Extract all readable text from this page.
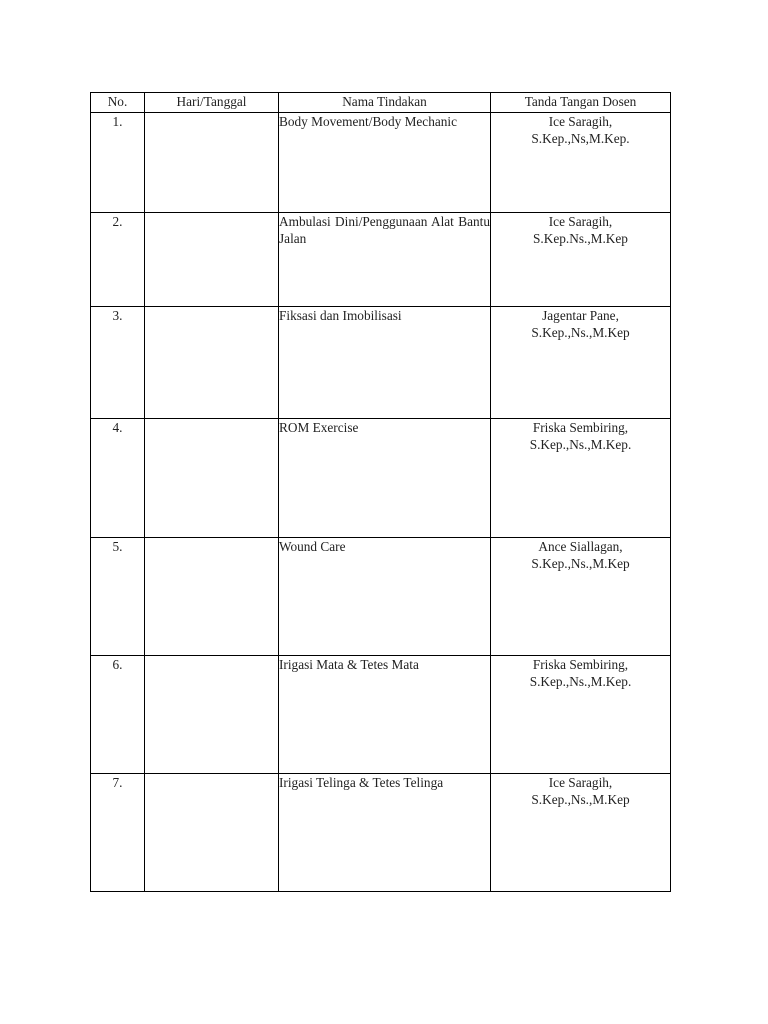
No.	Hari/Tanggal	Nama Tindakan	Tanda Tangan Dosen
1.		Body Movement/Body Mechanic	Ice Saragih,
S.Kep.,Ns,M.Kep.

2.		Ambulasi Dini/Penggunaan Alat Bantu Jalan	Ice Saragih,
S.Kep.Ns.,M.Kep

3.		Fiksasi dan Imobilisasi	Jagentar Pane,
S.Kep.,Ns.,M.Kep

4.		ROM Exercise	Friska Sembiring,
S.Kep.,Ns.,M.Kep.

5.		Wound Care	Ance Siallagan,
S.Kep.,Ns.,M.Kep

6.		Irigasi Mata & Tetes Mata	Friska Sembiring,
S.Kep.,Ns.,M.Kep.

7.		Irigasi Telinga & Tetes Telinga	Ice Saragih,
S.Kep.,Ns.,M.Kep
